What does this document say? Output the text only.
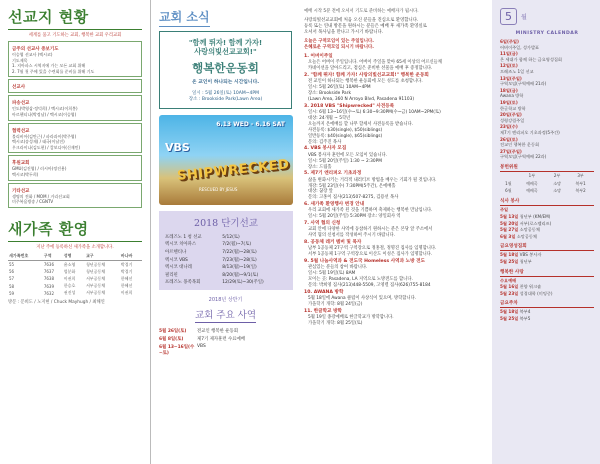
선교지 현황
세계를 품고 기도하는 교회, 행복한 교회 우리교회
금주의 선교사 중보기도
이승엽 선교사 (엑시코)
기도제목
1. 지아파스 시역지에 가는 모든 교회 위해
2. 7월 첫 주에 있을 수련회를 준비를 위해 기도
선교사
파송선교
인도(박영삼·정덕희) / 멕시코(이희봉)
아르헨티나(박정남) / 멕시코(이승엽)
협력선교
볼리비아(김만근) / 파라과이(박주엽)
멕시코(송성재) / 태국(이남진)
우크라이나(김도현) / 캄보디아(신재민)
후원교회
GMU(김진엽) / 러시아(정진용)
멕시코(박두희)
기타선교
생명의 전화 / MOM / 거리선교회
미주복음방송 / CGNTV
새가족 환영
지난 주에 등록하신 새가족을 소개합니다.
새가족번호	구역	성명	교구	바나바
55	7636	윤소영	청년공동체	박경기
56	7637	엄분화	청년공동체	박경기
57	7638	이권희	서부공동체	한혜선
58	7639	한승호	서부공동체	한혜선
59	7632	권진성	서부공동체	이권희
방문 : 문희도 / 노지현 / Chuck Mayhugh / 최해연
교회 소식
"함께 뛰자! 함께 가자!
사랑의빛선교교회!"
행복한운동회
온 교인이 하나되는 시간입니다.
일시 : 5월 26일(토) 10AM~4PM
장소 : Brookside Park(Lawn Area)
6.13 WED - 6.16 SAT
VBS
SHIPWRECKED
RESCUED BY JESUS
2018 단기선교
프레즈노 1 청 선교	5/12(토)
멕시코 치아파스	7/2(월)~7(토)
아르헨티나	7/22(월)~28(토)
멕시코 VBS	7/23(월)~28(토)
멕시코 대나레	8/13(월)~19(일)
필리핀	8/20(월)~9/1(토)
프레즈노 몽족목회	12/29(토)~30(주일)
2018년 상반기
교회 주요 사역
5월 26일(토)	전교인 행복한 운동회
6월 8일(토)	제7기 제자훈련 수료예배
6월 13~16일(수~토)	VBS
예배 시작 5분 전에 오셔서 기도로 준비하는 예배자가 됩시다.
사랑의빛선교교회에 처음 오신 분들을 진심으로 환영합니다.
등록 또는 연내 방문을 원하시는 분들은 예배 후 새가족 환영실로
오셔서 목사님을 만나고 가시기 바랍니다.
오늘은 구역모임이 있는 주일입니다.
은혜로운 구역모임 되시기 바랍니다.
1. 어버이주일
오늘은 어버이 주일입니다. 어버이 주일을 맞아 65세 이상의 어르신들께
카네이션을 달아드리고, 점심은 준비한 선물을 예배 후 증정합니다.
2. "함께 뛰자! 함께 가자! 사랑의빛선교교회!" 행복한 운동회
전 교인이 하나되는 행복한 운동회에 모든 성도를 초청합니다.
일시: 5월 26일(토) 10AM~4PM
장소: Brookside Park
(Lawn Area, 360 N Arroyo Blvd, Pasadena 91103)
3. 2018 VBS "Shipwrecked" 사전등록
일시: 6월 13~16일(수~토) 6:30~9:30PM(수~금) 10AM~2PM(토)
대상: 24개월 ~ 5학년
오늘까지 온에배를 할 나무 할세서 사전등록을 받습니다.
사전등록: $30(single), $50(siblings)
일반등록: $40(single), $65(siblings)
문의: 김주진 목사
4. VBS 봉사자 모집
VBS 봉사자 훈련에 모든 모임이 있습니다.
일시: 5월 20일(주일) 1:30 ~ 2:30PM
장소: 드림홀
5. 제7기 엔리퍼오 기초과정
삶을 변화시키는 거리적 내러티브 방법을 배우는 기회가 될 것입니다.
개강: 5월 23일(수) 7:30PM(5주간), 온에배홀
대상: 꿈장 앞
문의: 고홍이 집사(213)507-8275, 김용선 목사
6. 새가족 환영행사 변경 안내
우리 교회에 새가족 된 것을 기쁨하며 축제하는 행복한 만남입니다.
일시: 5월 20일(주일) 5:30PM 장소: 양일회사 역
7. 사역 협의 신청
교회 안에 다양한 사역에 동참하기 원하시는 분은 본당 앞 주소에서
사역 협의 신청서를 작성하여 주시기 바랍니다.
8. 공동체 레거 멤버 및 목자
남부 1공동체 27구역 구역장으로 정홍철, 정명진 집사를 임명합니다.
서부 1공동체 1구역 구역장으로 이산도 이성은 집사가 임명합니다.
9. 5월 나눔사역과 & 전도국 Homeless 사역과 노방 전도
관심있는 분들의 참여 바랍니다.
일시: 5월 19일(토) 8AM
모이는 곳: Pasadena, LA 지역으로 노방전도를 합니다.
문의: 박희영 집사(213)448-5509, 고영렬 집사(626)755-8184
10. AWANA 방학
5월 18일에 Awana 클럽이 사상식이 있으며, 방학합니다.
가을학기 개학: 8월 24일(금)
11. 한글학교 방학
5월 19일 종강예배로 한글학교가 방학합니다.
가을학기 개학: 8월 25일(토)
5	월
MINISTRY CALENDAR
6일(주일)
어버이주일, 성가발표
11일(금)
온 세대가 함께 하는 금요영성집회
12일(토)
프레즈노 1일 선교
13일(주일)
구역모임(구역예배 21과)
18일(금)
Awana 방학
19일(토)
한글학교 방학
20일(주일)
성령강림주일
23일(수)
제7기 엔리퍼오 기초과정(5주간)
26일(토)
전교인 행복한 운동회
27일(주일)
구역모임(구역예배 22과)
봉헌위원
	1부	2부	3부
1월	예배곡	소망	북부1
6월	예배곡	소망	북부2
식사 봉사
주일
5월 13일 청년부 (KM/EM)
5월 20일 서부(로스펠리즈)
5월 27일 소망공동체
6월 3일 소망공동체
금요영성집회
5월 18일 VBS 봉사자
5월 25일 청년부
행복한 사랑
수요예배
5월 16일 찬양 워크숍
5월 23일 성경대학 (미팅중)
금요주차
5월 18일 북부4
5월 25일 북부5
